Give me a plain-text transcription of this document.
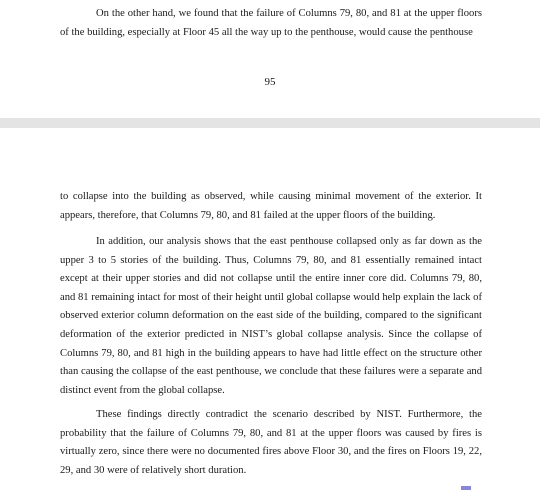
On the other hand, we found that the failure of Columns 79, 80, and 81 at the upper floors of the building, especially at Floor 45 all the way up to the penthouse, would cause the penthouse

95

to collapse into the building as observed, while causing minimal movement of the exterior. It appears, therefore, that Columns 79, 80, and 81 failed at the upper floors of the building.

In addition, our analysis shows that the east penthouse collapsed only as far down as the upper 3 to 5 stories of the building. Thus, Columns 79, 80, and 81 essentially remained intact except at their upper stories and did not collapse until the entire inner core did. Columns 79, 80, and 81 remaining intact for most of their height until global collapse would help explain the lack of observed exterior column deformation on the east side of the building, compared to the significant deformation of the exterior predicted in NIST’s global collapse analysis. Since the collapse of Columns 79, 80, and 81 high in the building appears to have had little effect on the structure other than causing the collapse of the east penthouse, we conclude that these failures were a separate and distinct event from the global collapse.

These findings directly contradict the scenario described by NIST. Furthermore, the probability that the failure of Columns 79, 80, and 81 at the upper floors was caused by fires is virtually zero, since there were no documented fires above Floor 30, and the fires on Floors 19, 22, 29, and 30 were of relatively short duration.
